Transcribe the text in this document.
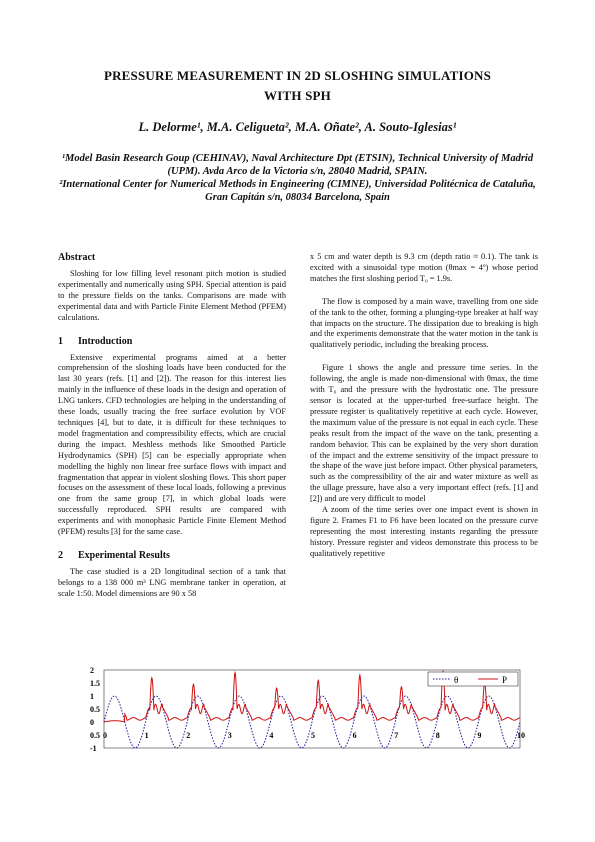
PRESSURE MEASUREMENT IN 2D SLOSHING SIMULATIONS
WITH SPH
L. Delorme¹, M.A. Celigueta², M.A. Oñate², A. Souto-Iglesias¹

¹Model Basin Research Goup (CEHINAV), Naval Architecture Dpt (ETSIN), Technical University of Madrid (UPM). Avda Arco de la Victoria s/n, 28040 Madrid, SPAIN.

²International Center for Numerical Methods in Engineering (CIMNE), Universidad Politécnica de Cataluña, Gran Capitán s/n, 08034 Barcelona, Spain

Abstract

Sloshing for low filling level resonant pitch motion is studied experimentally and numerically using SPH. Special attention is paid to the pressure fields on the tanks. Comparisons are made with experimental data and with Particle Finite Element Method (PFEM) calculations.

1 Introduction

Extensive experimental programs aimed at a better comprehension of the sloshing loads have been conducted for the last 30 years (refs. [1] and [2]). The reason for this interest lies mainly in the influence of these loads in the design and operation of LNG tankers. CFD technologies are helping in the understanding of these loads, usually tracing the free surface evolution by VOF techniques [4], but to date, it is difficult for these techniques to model fragmentation and compressibility effects, which are crucial during the impact. Meshless methods like Smoothed Particle Hydrodynamics (SPH) [5] can be especially appropriate when modelling the highly non linear free surface flows with impact and fragmentation that appear in violent sloshing flows. This short paper focuses on the assessment of these local loads, following a previous one from the same group [7], in which global loads were successfully reproduced. SPH results are compared with experiments and with monophasic Particle Finite Element Method (PFEM) results [3] for the same case.

2 Experimental Results

The case studied is a 2D longitudinal section of a tank that belongs to a 138 000 m³ LNG membrane tanker in operation, at scale 1:50. Model dimensions are 90 x 58

x 5 cm and water depth is 9.3 cm (depth ratio ≈ 0.1). The tank is excited with a sinusoidal type motion (θmax = 4º) whose period matches the first sloshing period T₀ = 1.9s.

The flow is composed by a main wave, travelling from one side of the tank to the other, forming a plunging-type breaker at half way that impacts on the structure. The dissipation due to breaking is high and the experiments demonstrate that the water motion in the tank is qualitatively periodic, including the breaking process.

Figure 1 shows the angle and pressure time series. In the following, the angle is made non-dimensional with θmax, the time with T₀ and the pressure with the hydrostatic one. The pressure sensor is located at the upper-turbed free-surface height. The pressure register is qualitatively repetitive at each cycle. However, the maximum value of the pressure is not equal in each cycle. These peaks result from the impact of the wave on the tank, presenting a random behavior. This can be explained by the very short duration of the impact and the extreme sensitivity of the impact pressure to the shape of the wave just before impact. Other physical parameters, such as the compressibility of the air and water mixture as well as the ullage pressure, have also a very important effect (refs. [1] and [2]) and are very difficult to model

A zoom of the time series over one impact event is shown in figure 2. Frames F1 to F6 have been located on the pressure curve representing the most interesting instants regarding the pressure history. Pressure register and videos demonstrate this process to be qualitatively repetitive

2
1.5
1
0.5
0
0.5
-1
0	1	2	3	4	5	6	7	8	9	10
θ	P
